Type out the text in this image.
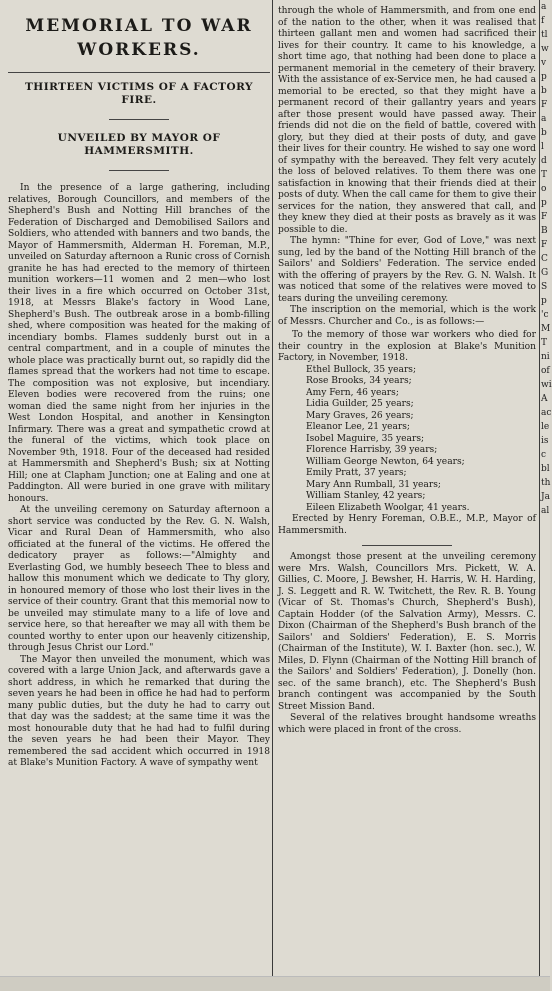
MEMORIAL TO WAR
WORKERS.
THIRTEEN VICTIMS OF A FACTORY
FIRE.
UNVEILED BY MAYOR OF
HAMMERSMITH.

In the presence of a large gathering, including relatives, Borough Councillors, and members of the Shepherd's Bush and Notting Hill branches of the Federation of Discharged and Demobilised Sailors and Soldiers, who attended with banners and two bands, the Mayor of Hammersmith, Alderman H. Foreman, M.P., unveiled on Saturday afternoon a Runic cross of Cornish granite he has had erected to the memory of thirteen munition workers—11 women and 2 men—who lost their lives in a fire which occurred on October 31st, 1918, at Messrs Blake's factory in Wood Lane, Shepherd's Bush. The outbreak arose in a bomb-filling shed, where composition was heated for the making of incendiary bombs. Flames suddenly burst out in a central compartment, and in a couple of minutes the whole place was practically burnt out, so rapidly did the flames spread that the workers had not time to escape. The composition was not explosive, but incendiary. Eleven bodies were recovered from the ruins; one woman died the same night from her injuries in the West London Hospital, and another in Kensington Infirmary. There was a great and sympathetic crowd at the funeral of the victims, which took place on November 9th, 1918. Four of the deceased had resided at Hammersmith and Shepherd's Bush; six at Notting Hill; one at Clapham Junction; one at Ealing and one at Paddington. All were buried in one grave with military honours.

At the unveiling ceremony on Saturday afternoon a short service was conducted by the Rev. G. N. Walsh, Vicar and Rural Dean of Hammersmith, who also officiated at the funeral of the victims. He offered the dedicatory prayer as follows:—"Almighty and Everlasting God, we humbly beseech Thee to bless and hallow this monument which we dedicate to Thy glory, in honoured memory of those who lost their lives in the service of their country. Grant that this memorial now to be unveiled may stimulate many to a life of love and service here, so that hereafter we may all with them be counted worthy to enter upon our heavenly citizenship, through Jesus Christ our Lord."

The Mayor then unveiled the monument, which was covered with a large Union Jack, and afterwards gave a short address, in which he remarked that during the seven years he had been in office he had had to perform many public duties, but the duty he had to carry out that day was the saddest; at the same time it was the most honourable duty that he had had to fulfil during the seven years he had been their Mayor. They remembered the sad accident which occurred in 1918 at Blake's Munition Factory. A wave of sympathy went

through the whole of Hammersmith, and from one end of the nation to the other, when it was realised that thirteen gallant men and women had sacrificed their lives for their country. It came to his knowledge, a short time ago, that nothing had been done to place a permanent memorial in the cemetery of their bravery. With the assistance of ex-Service men, he had caused a memorial to be erected, so that they might have a permanent record of their gallantry years and years after those present would have passed away. Their friends did not die on the field of battle, covered with glory, but they died at their posts of duty, and gave their lives for their country. He wished to say one word of sympathy with the bereaved. They felt very acutely the loss of beloved relatives. To them there was one satisfaction in knowing that their friends died at their posts of duty. When the call came for them to give their services for the nation, they answered that call, and they knew they died at their posts as bravely as it was possible to die.

The hymn: "Thine for ever, God of Love," was next sung, led by the band of the Notting Hill branch of the Sailors' and Soldiers' Federation. The service ended with the offering of prayers by the Rev. G. N. Walsh. It was noticed that some of the relatives were moved to tears during the unveiling ceremony.

The inscription on the memorial, which is the work of Messrs. Churcher and Co., is as follows:—

To the memory of those war workers who died for their country in the explosion at Blake's Munition Factory, in November, 1918.

Ethel Bullock, 35 years;

Rose Brooks, 34 years;

Amy Fern, 46 years;

Lidia Guilder, 25 years;

Mary Graves, 26 years;

Eleanor Lee, 21 years;

Isobel Maguire, 35 years;

Florence Harrisby, 39 years;

William George Newton, 64 years;

Emily Pratt, 37 years;

Mary Ann Rumball, 31 years;

William Stanley, 42 years;

Eileen Elizabeth Woolgar, 41 years.

Erected by Henry Foreman, O.B.E., M.P., Mayor of Hammersmith.

Amongst those present at the unveiling ceremony were Mrs. Walsh, Councillors Mrs. Pickett, W. A. Gillies, C. Moore, J. Bewsher, H. Harris, W. H. Harding, J. S. Leggett and R. W. Twitchett, the Rev. R. B. Young (Vicar of St. Thomas's Church, Shepherd's Bush), Captain Hodder (of the Salvation Army), Messrs. C. Dixon (Chairman of the Shepherd's Bush branch of the Sailors' and Soldiers' Federation), E. S. Morris (Chairman of the Institute), W. I. Baxter (hon. sec.), W. Miles, D. Flynn (Chairman of the Notting Hill branch of the Sailors' and Soldiers' Federation), J. Donelly (hon. sec. of the same branch), etc. The Shepherd's Bush branch contingent was accompanied by the South Street Mission Band.

Several of the relatives brought handsome wreaths which were placed in front of the cross.

a
f
tl
w
v
p
b
F
a
b
l
d
T
o
p
F
B
F
C
G
S
p
'c
M
T
ni
of
wi
A
ac
le
is
c
bl
th
Ja
al
